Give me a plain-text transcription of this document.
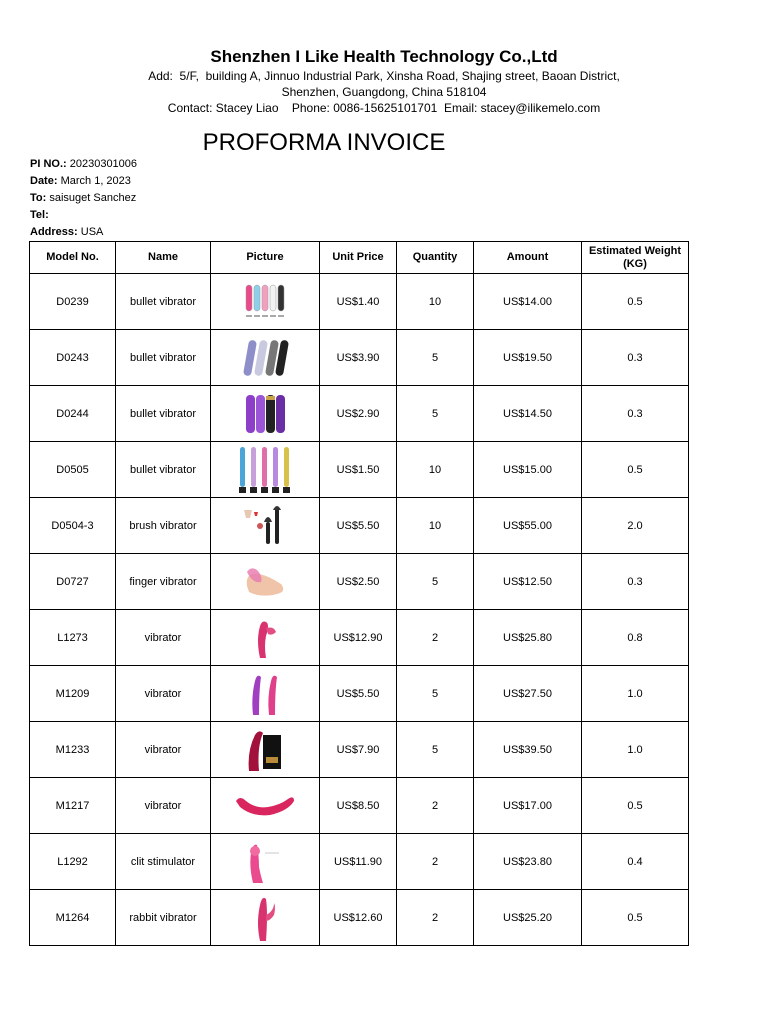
Shenzhen I Like Health Technology Co.,Ltd
Add:  5/F,  building A, Jinnuo Industrial Park, Xinsha Road, Shajing street, Baoan District,
Shenzhen, Guangdong, China 518104
Contact: Stacey Liao    Phone: 0086-15625101701  Email: stacey@ilikemelo.com
PROFORMA INVOICE
PI NO.: 20230301006
Date: March 1, 2023
To: saisuget Sanchez
Tel:
Address: USA
Model No.	Name	Picture	Unit Price	Quantity	Amount	Estimated Weight (KG)
D0239	bullet vibrator		US$1.40	10	US$14.00	0.5
D0243	bullet vibrator		US$3.90	5	US$19.50	0.3
D0244	bullet vibrator		US$2.90	5	US$14.50	0.3
D0505	bullet vibrator		US$1.50	10	US$15.00	0.5
D0504-3	brush vibrator		US$5.50	10	US$55.00	2.0
D0727	finger vibrator		US$2.50	5	US$12.50	0.3
L1273	vibrator		US$12.90	2	US$25.80	0.8
M1209	vibrator		US$5.50	5	US$27.50	1.0
M1233	vibrator		US$7.90	5	US$39.50	1.0
M1217	vibrator		US$8.50	2	US$17.00	0.5
L1292	clit stimulator		US$11.90	2	US$23.80	0.4
M1264	rabbit vibrator		US$12.60	2	US$25.20	0.5
